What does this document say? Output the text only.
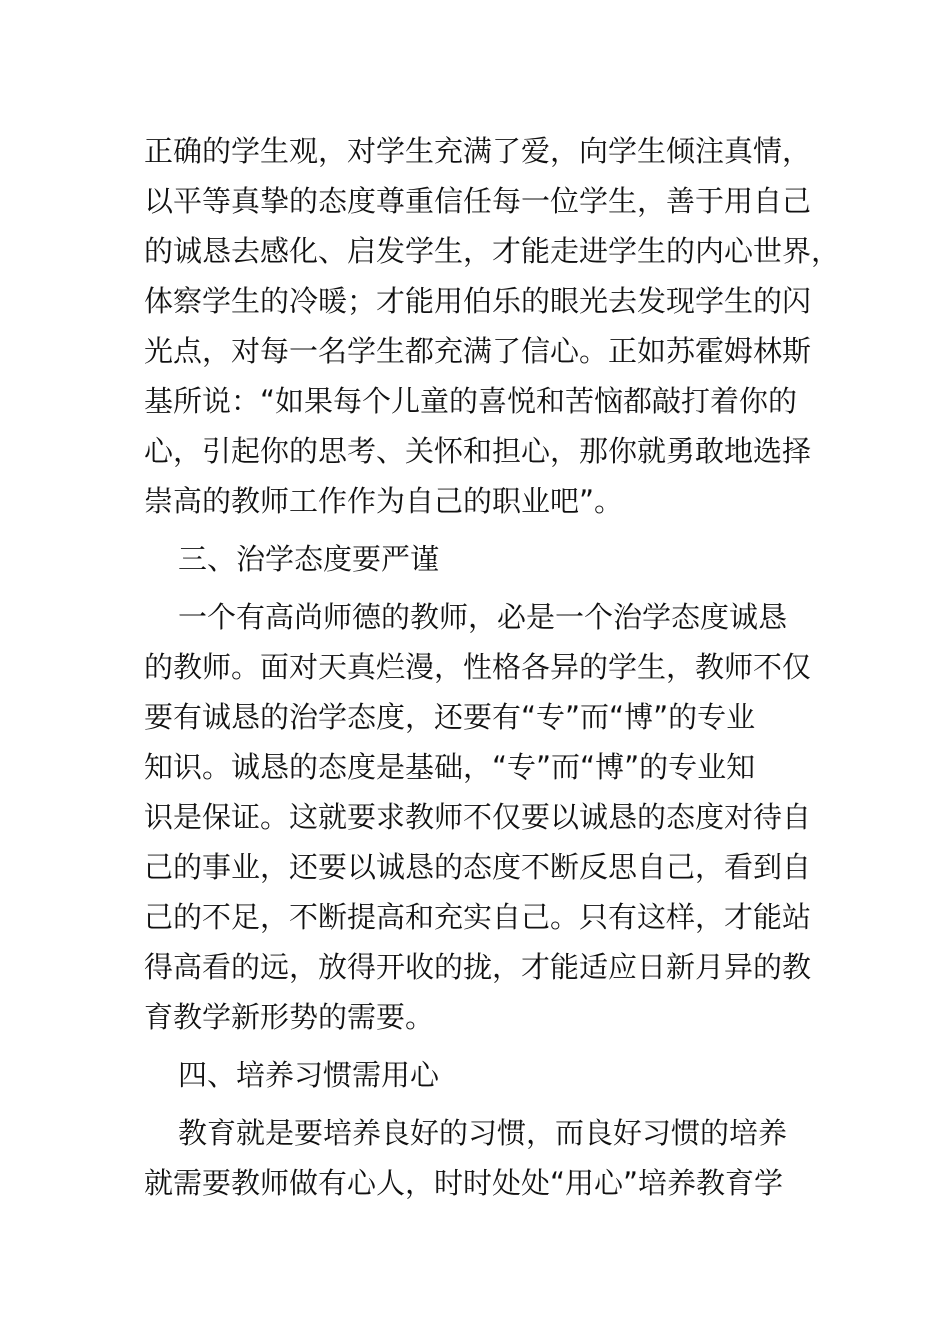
正确的学生观，对学生充满了爱，向学生倾注真情，
以平等真挚的态度尊重信任每一位学生，善于用自己
的诚恳去感化、启发学生，才能走进学生的内心世界，
体察学生的冷暖；才能用伯乐的眼光去发现学生的闪
光点，对每一名学生都充满了信心。正如苏霍姆林斯
基所说：“如果每个儿童的喜悦和苦恼都敲打着你的
心，引起你的思考、关怀和担心，那你就勇敢地选择
崇高的教师工作作为自己的职业吧”。
三、治学态度要严谨
一个有高尚师德的教师，必是一个治学态度诚恳
的教师。面对天真烂漫，性格各异的学生，教师不仅
要有诚恳的治学态度，还要有“专”而“博”的专业
知识。诚恳的态度是基础，“专”而“博”的专业知
识是保证。这就要求教师不仅要以诚恳的态度对待自
己的事业，还要以诚恳的态度不断反思自己，看到自
己的不足，不断提高和充实自己。只有这样，才能站
得高看的远，放得开收的拢，才能适应日新月异的教
育教学新形势的需要。
四、培养习惯需用心
教育就是要培养良好的习惯，而良好习惯的培养
就需要教师做有心人，时时处处“用心”培养教育学
